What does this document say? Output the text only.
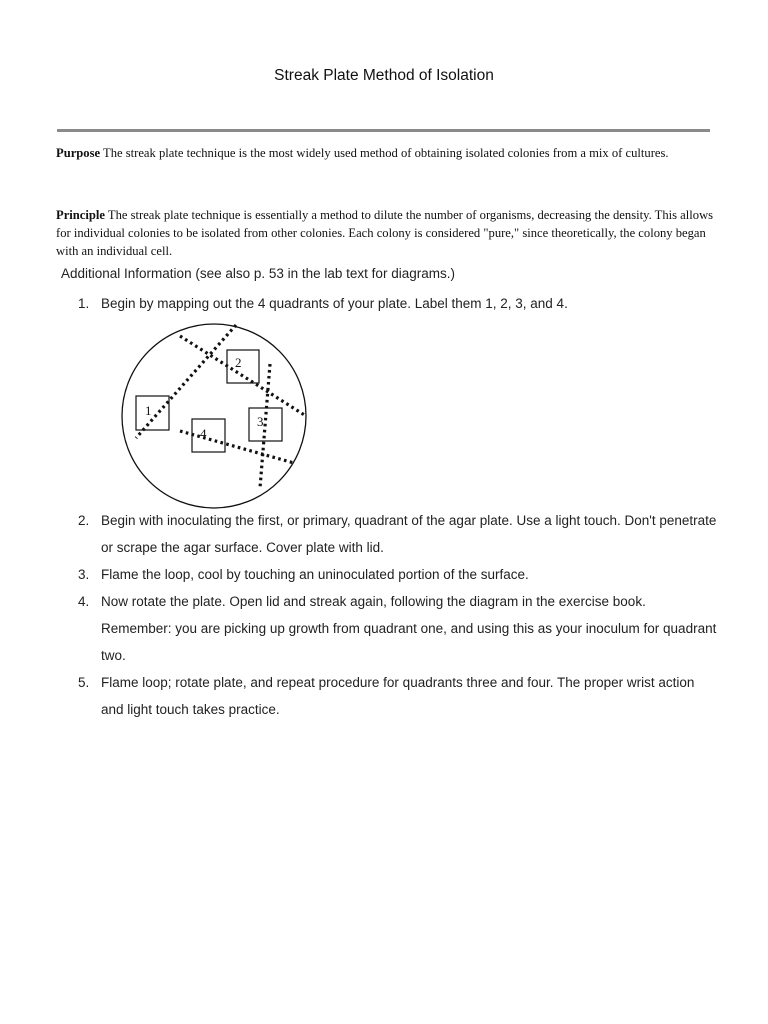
Streak Plate Method of Isolation
Purpose The streak plate technique is the most widely used method of obtaining isolated colonies from a mix of cultures.
Principle The streak plate technique is essentially a method to dilute the number of organisms, decreasing the density. This allows for individual colonies to be isolated from other colonies. Each colony is considered "pure," since theoretically, the colony began with an individual cell.
Additional Information (see also p. 53 in the lab text for diagrams.)
1. Begin by mapping out the 4 quadrants of your plate. Label them 1, 2, 3, and 4.
1
2
3
4
2. Begin with inoculating the first, or primary, quadrant of the agar plate. Use a light touch. Don't penetrate or scrape the agar surface. Cover plate with lid.
3. Flame the loop, cool by touching an uninoculated portion of the surface.
4. Now rotate the plate. Open lid and streak again, following the diagram in the exercise book. Remember: you are picking up growth from quadrant one, and using this as your inoculum for quadrant two.
5. Flame loop; rotate plate, and repeat procedure for quadrants three and four. The proper wrist action and light touch takes practice.
